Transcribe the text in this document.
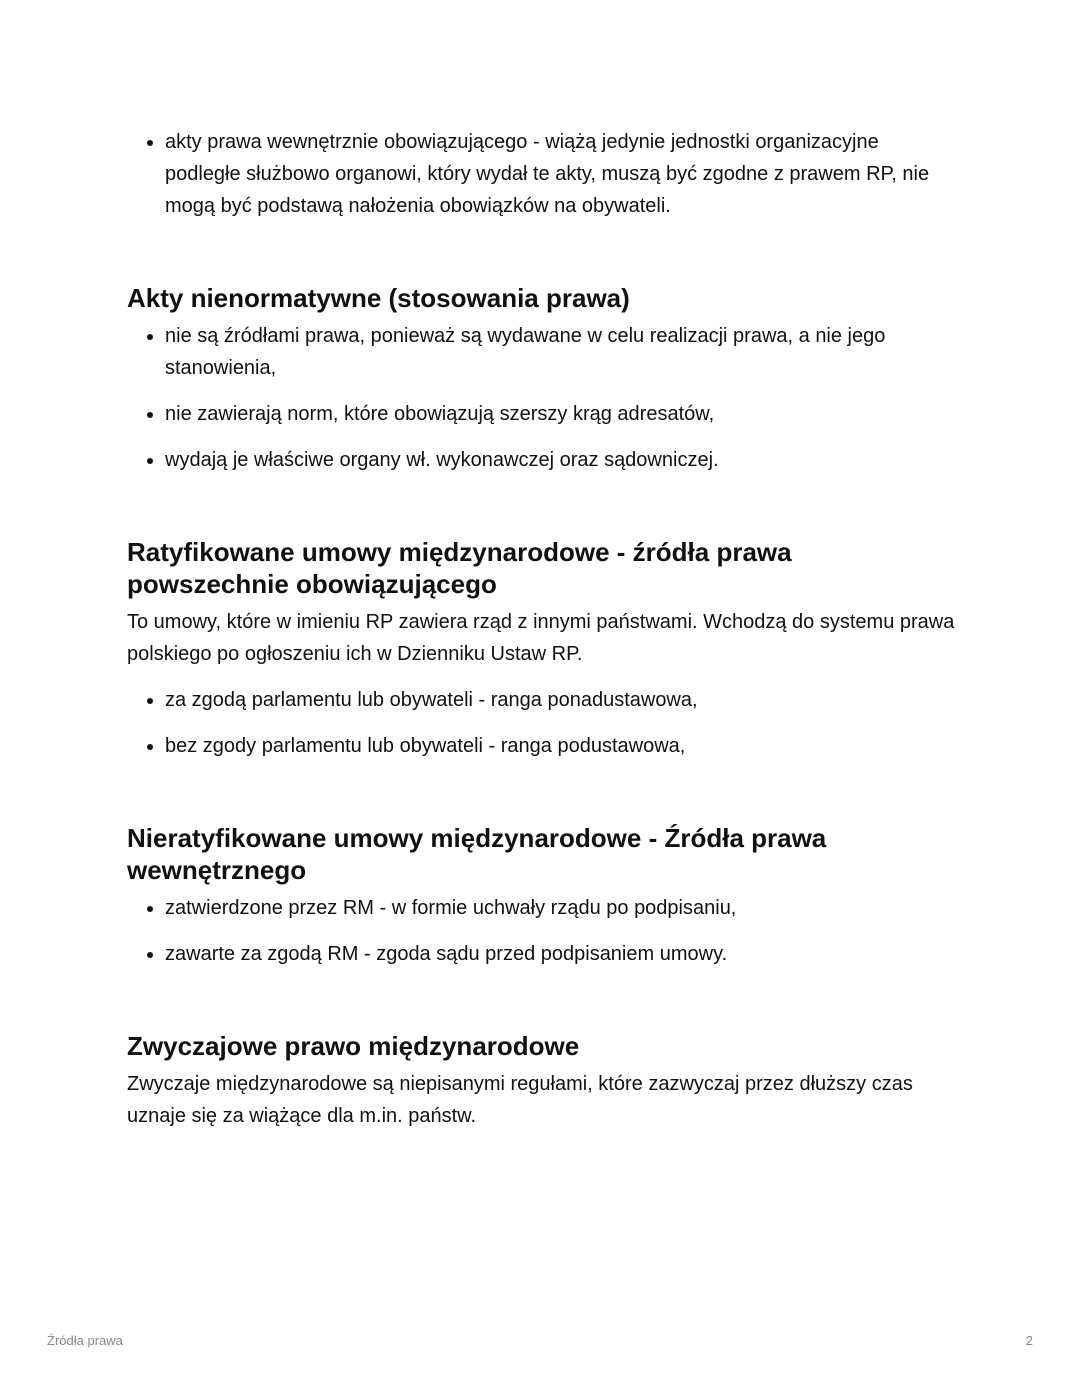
• akty prawa wewnętrznie obowiązującego - wiążą jedynie jednostki organizacyjne podległe służbowo organowi, który wydał te akty, muszą być zgodne z prawem RP, nie mogą być podstawą nałożenia obowiązków na obywateli.
Akty nienormatywne (stosowania prawa)
• nie są źródłami prawa, ponieważ są wydawane w celu realizacji prawa, a nie jego stanowienia,
• nie zawierają norm, które obowiązują szerszy krąg adresatów,
• wydają je właściwe organy wł. wykonawczej oraz sądowniczej.
Ratyfikowane umowy międzynarodowe - źródła prawa powszechnie obowiązującego

To umowy, które w imieniu RP zawiera rząd z innymi państwami. Wchodzą do systemu prawa polskiego po ogłoszeniu ich w Dzienniku Ustaw RP.

• za zgodą parlamentu lub obywateli - ranga ponadustawowa,
• bez zgody parlamentu lub obywateli - ranga podustawowa,
Nieratyfikowane umowy międzynarodowe - Źródła prawa wewnętrznego
• zatwierdzone przez RM - w formie uchwały rządu po podpisaniu,
• zawarte za zgodą RM - zgoda sądu przed podpisaniem umowy.
Zwyczajowe prawo międzynarodowe

Zwyczaje międzynarodowe są niepisanymi regułami, które zazwyczaj przez dłuższy czas uznaje się za wiążące dla m.in. państw.

Źródła prawa	2
